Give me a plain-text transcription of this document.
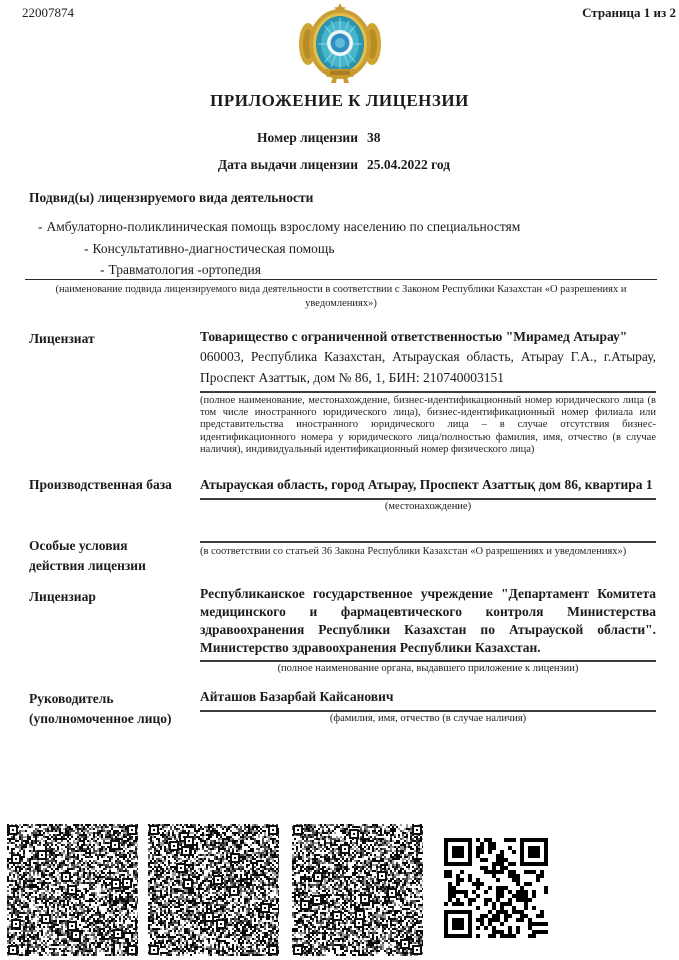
22007874	Страница 1 из 2
ПРИЛОЖЕНИЕ К ЛИЦЕНЗИИ
Номер лицензии 38
Дата выдачи лицензии 25.04.2022 год
Подвид(ы) лицензируемого вида деятельности
- Амбулаторно-поликлиническая помощь взрослому населению по специальностям
- Консультативно-диагностическая помощь
- Травматология -ортопедия
(наименование подвида лицензируемого вида деятельности в соответствии с Законом Республики Казахстан «О разрешениях и уведомлениях»)
Лицензиат	Товарищество с ограниченной ответственностью "Мирамед Атырау"
060003, Республика Казахстан, Атырауская область, Атырау Г.А., г.Атырау, Проспект Азаттык, дом № 86, 1, БИН: 210740003151
(полное наименование, местонахождение, бизнес-идентификационный номер юридического лица (в том числе иностранного юридического лица), бизнес-идентификационный номер филиала или представительства иностранного юридического лица – в случае отсутствия бизнес-идентификационного номера у юридического лица/полностью фамилия, имя, отчество (в случае наличия), индивидуальный идентификационный номер физического лица)
Производственная база	Атырауская область, город Атырау, Проспект Азаттық дом 86, квартира 1
(местонахождение)
Особые условия действия лицензии
(в соответствии со статьей 36 Закона Республики Казахстан «О разрешениях и уведомлениях»)
Лицензиар	Республиканское государственное учреждение "Департамент Комитета медицинского и фармацевтического контроля Министерства здравоохранения Республики Казахстан по Атырауской области". Министерство здравоохранения Республики Казахстан.
(полное наименование органа, выдавшего приложение к лицензии)
Руководитель (уполномоченное лицо)
Айташов Базарбай Кайсанович
(фамилия, имя, отчество (в случае наличия)
